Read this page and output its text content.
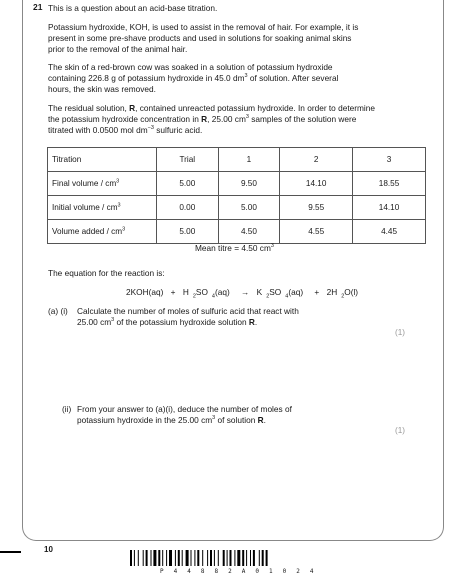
21 This is a question about an acid-base titration.
Potassium hydroxide, KOH, is used to assist in the removal of hair. For example, it is
present in some pre-shave products and used in solutions for soaking animal skins
prior to the removal of the animal hair.
The skin of a red-brown cow was soaked in a solution of potassium hydroxide
containing 226.8 g of potassium hydroxide in 45.0 $dm^3$ of solution. After several
hours, the skin was removed.
The residual solution, R, contained unreacted potassium hydroxide. In order to determine
the potassium hydroxide concentration in R, 25.00 $cm^3$ samples of the solution were
titrated with 0.0500 mol $dm^{-3}$ sulfuric acid.
Titration	Trial	1	2	3
Final volume / $cm^3$	5.00	9.50	14.10	18.55
Initial volume / $cm^3$	0.00	5.00	9.55	14.10
Volume added / $cm^3$	5.00	4.50	4.55	4.45
Mean titre = 4.50 $cm^3$
The equation for the reaction is:
2KOH(aq) + H $_2$SO $_4$(aq) → K $_2$SO $_4$(aq) + 2H $_2$O(l)
(a) (i) Calculate the number of moles of sulfuric acid that react with
25.00 $cm^3$ of the potassium hydroxide solution R.
(1)
(ii) From your answer to (a)(i), deduce the number of moles of
potassium hydroxide in the 25.00 $cm^3$ of solution R.
(1)
10
P 4 4 8 8 2 A 0 1 0 2 4
